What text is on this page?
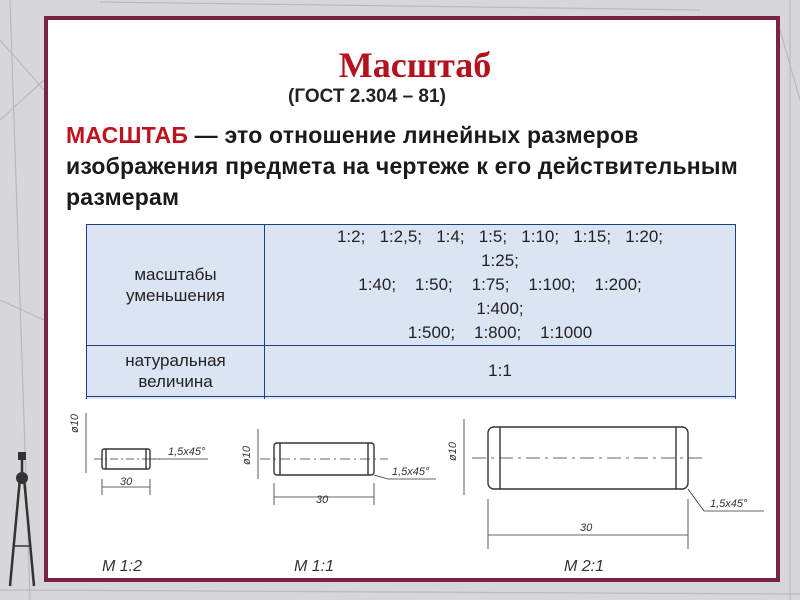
Масштаб
(ГОСТ 2.304 – 81)
МАСШТАБ — это отношение линейных размеров изображения предмета на чертеже к его действительным размерам
масштабы уменьшения	1:2;   1:2,5;   1:4;   1:5;   1:10;   1:15;   1:20;
1:25;
1:40;    1:50;    1:75;    1:100;    1:200;
1:400;
1:500;    1:800;    1:1000

натуральная величина	1:1

ø10
30
1,5х45°
М 1:2
ø10
30
1,5х45°
М 1:1
ø10
30
1,5х45°
М 2:1
